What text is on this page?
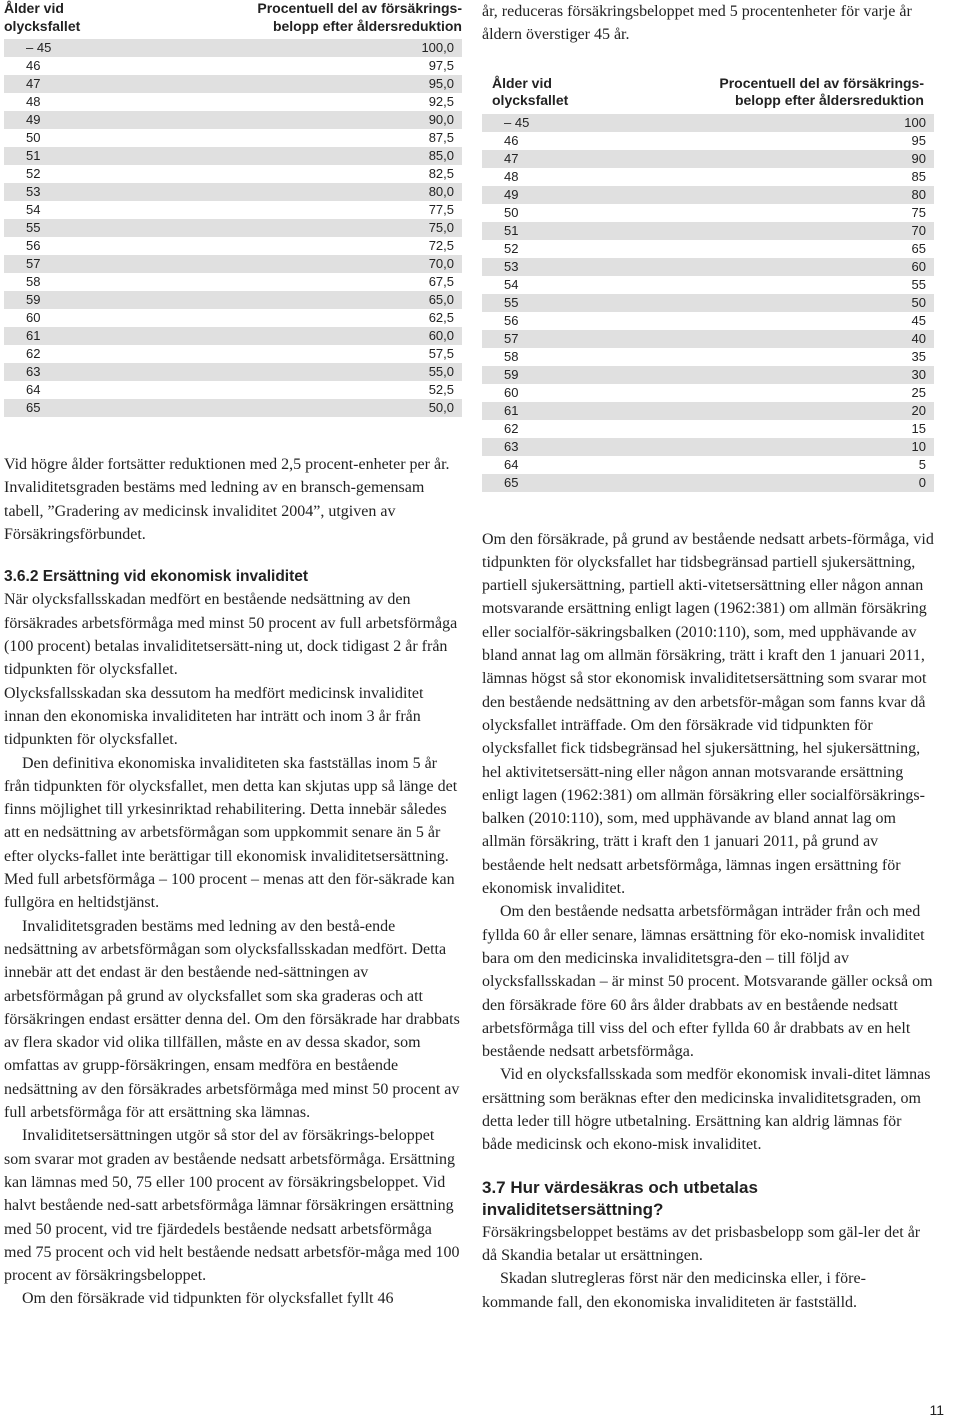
Ålder vid
olycksfallet
Procentuell del av försäkrings-
belopp efter åldersreduktion
– 45	100,0
46	97,5
47	95,0
48	92,5
49	90,0
50	87,5
51	85,0
52	82,5
53	80,0
54	77,5
55	75,0
56	72,5
57	70,0
58	67,5
59	65,0
60	62,5
61	60,0
62	57,5
63	55,0
64	52,5
65	50,0

Vid högre ålder fortsätter reduktionen med 2,5 procent-enheter per år.

Invaliditetsgraden bestäms med ledning av en bransch-gemensam tabell, ”Gradering av medicinsk invaliditet 2004”, utgiven av Försäkringsförbundet.

3.6.2 Ersättning vid ekonomisk invaliditet

När olycksfallsskadan medfört en bestående nedsättning av den försäkrades arbetsförmåga med minst 50 procent av full arbetsförmåga (100 procent) betalas invaliditetsersätt-ning ut, dock tidigast 2 år från tidpunkten för olycksfallet.

Olycksfallsskadan ska dessutom ha medfört medicinsk invaliditet innan den ekonomiska invaliditeten har inträtt och inom 3 år från tidpunkten för olycksfallet.

Den definitiva ekonomiska invaliditeten ska fastställas inom 5 år från tidpunkten för olycksfallet, men detta kan skjutas upp så länge det finns möjlighet till yrkesinriktad rehabilitering. Detta innebär således att en nedsättning av arbetsförmågan som uppkommit senare än 5 år efter olycks-fallet inte berättigar till ekonomisk invaliditetsersättning.

Med full arbetsförmåga – 100 procent – menas att den för-säkrade kan fullgöra en heltidstjänst.

Invaliditetsgraden bestäms med ledning av den bestå-ende nedsättning av arbetsförmågan som olycksfallsskadan medfört. Detta innebär att det endast är den bestående ned-sättningen av arbetsförmågan på grund av olycksfallet som ska graderas och att försäkringen endast ersätter denna del. Om den försäkrade har drabbats av flera skador vid olika tillfällen, måste en av dessa skador, som omfattas av grupp-försäkringen, ensam medföra en bestående nedsättning av den försäkrades arbetsförmåga med minst 50 procent av full arbetsförmåga för att ersättning ska lämnas.

Invaliditetsersättningen utgör så stor del av försäkrings-beloppet som svarar mot graden av bestående nedsatt arbetsförmåga. Ersättning kan lämnas med 50, 75 eller 100 procent av försäkringsbeloppet. Vid halvt bestående ned-satt arbetsförmåga lämnar försäkringen ersättning med 50 procent, vid tre fjärdedels bestående nedsatt arbetsförmåga med 75 procent och vid helt bestående nedsatt arbetsför-måga med 100 procent av försäkringsbeloppet.

Om den försäkrade vid tidpunkten för olycksfallet fyllt 46

år, reduceras försäkringsbeloppet med 5 procentenheter för varje år åldern överstiger 45 år.

Ålder vid
olycksfallet
Procentuell del av försäkrings-
belopp efter åldersreduktion
– 45	100
46	95
47	90
48	85
49	80
50	75
51	70
52	65
53	60
54	55
55	50
56	45
57	40
58	35
59	30
60	25
61	20
62	15
63	10
64	5
65	0

Om den försäkrade, på grund av bestående nedsatt arbets-förmåga, vid tidpunkten för olycksfallet har tidsbegränsad partiell sjukersättning, partiell sjukersättning, partiell akti-vitetsersättning eller någon annan motsvarande ersättning enligt lagen (1962:381) om allmän försäkring eller socialför-säkringsbalken (2010:110), som, med upphävande av bland annat lag om allmän försäkring, trätt i kraft den 1 januari 2011, lämnas högst så stor ekonomisk invaliditetsersättning som svarar mot den bestående nedsättning av den arbetsför-mågan som fanns kvar då olycksfallet inträffade. Om den försäkrade vid tidpunkten för olycksfallet fick tidsbegränsad hel sjukersättning, hel sjukersättning, hel aktivitetsersätt-ning eller någon annan motsvarande ersättning enligt lagen (1962:381) om allmän försäkring eller socialförsäkrings-balken (2010:110), som, med upphävande av bland annat lag om allmän försäkring, trätt i kraft den 1 januari 2011, på grund av bestående helt nedsatt arbetsförmåga, lämnas ingen ersättning för ekonomisk invaliditet.

Om den bestående nedsatta arbetsförmågan inträder från och med fyllda 60 år eller senare, lämnas ersättning för eko-nomisk invaliditet bara om den medicinska invaliditetsgra-den – till följd av olycksfallsskadan – är minst 50 procent. Motsvarande gäller också om den försäkrade före 60 års ålder drabbats av en bestående nedsatt arbetsförmåga till viss del och efter fyllda 60 år drabbats av en helt bestående nedsatt arbetsförmåga.

Vid en olycksfallsskada som medför ekonomisk invali-ditet lämnas ersättning som beräknas efter den medicinska invaliditetsgraden, om detta leder till högre utbetalning. Ersättning kan aldrig lämnas för både medicinsk och ekono-misk invaliditet.

3.7 Hur värdesäkras och utbetalas invaliditetsersättning?

Försäkringsbeloppet bestäms av det prisbasbelopp som gäl-ler det år då Skandia betalar ut ersättningen.

Skadan slutregleras först när den medicinska eller, i före-kommande fall, den ekonomiska invaliditeten är fastställd.

11
